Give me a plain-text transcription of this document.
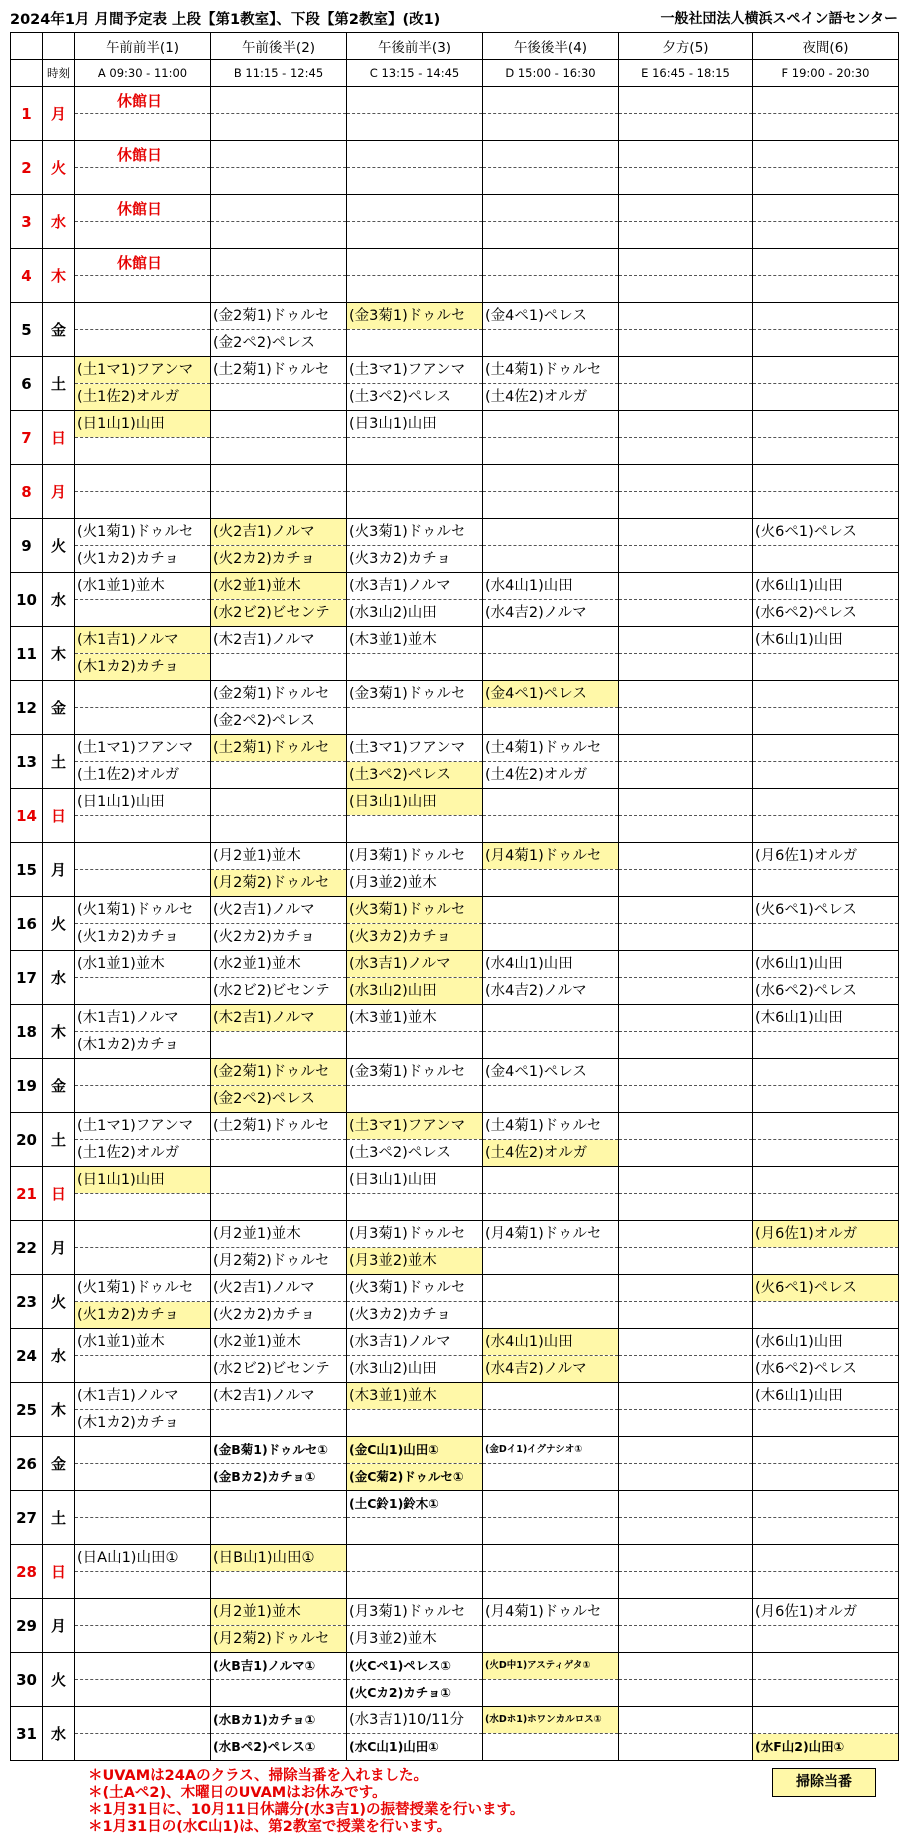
2024年1月 月間予定表 上段【第1教室】、下段【第2教室】(改1)	一般社団法人横浜スペイン語センター
		午前前半(1)	午前後半(2)	午後前半(3)	午後後半(4)	夕方(5)	夜間(6)
	時刻	A 09:30 - 11:00	B 11:15 - 12:45	C 13:15 - 14:45	D 15:00 - 16:30	E 16:45 - 18:15	F 19:00 - 20:30
1	月	休館日					

2	火	休館日					

3	水	休館日					

4	木	休館日					

5	金		(金2菊1)ドゥルセ	(金3菊1)ドゥルセ	(金4ペ1)ペレス		
			(金2ペ2)ペレス				
6	土	(土1マ1)フアンマ	(土2菊1)ドゥルセ	(土3マ1)フアンマ	(土4菊1)ドゥルセ		
		(土1佐2)オルガ		(土3ペ2)ペレス	(土4佐2)オルガ		
7	日	(日1山1)山田		(日3山1)山田			

8	月						

9	火	(火1菊1)ドゥルセ	(火2吉1)ノルマ	(火3菊1)ドゥルセ			(火6ペ1)ペレス
		(火1カ2)カチョ	(火2カ2)カチョ	(火3カ2)カチョ			
10	水	(水1並1)並木	(水2並1)並木	(水3吉1)ノルマ	(水4山1)山田		(水6山1)山田
			(水2ビ2)ビセンテ	(水3山2)山田	(水4吉2)ノルマ		(水6ペ2)ペレス
11	木	(木1吉1)ノルマ	(木2吉1)ノルマ	(木3並1)並木			(木6山1)山田
		(木1カ2)カチョ					
12	金		(金2菊1)ドゥルセ	(金3菊1)ドゥルセ	(金4ペ1)ペレス		
			(金2ペ2)ペレス				
13	土	(土1マ1)フアンマ	(土2菊1)ドゥルセ	(土3マ1)フアンマ	(土4菊1)ドゥルセ		
		(土1佐2)オルガ		(土3ペ2)ペレス	(土4佐2)オルガ		
14	日	(日1山1)山田		(日3山1)山田			

15	月		(月2並1)並木	(月3菊1)ドゥルセ	(月4菊1)ドゥルセ		(月6佐1)オルガ
			(月2菊2)ドゥルセ	(月3並2)並木			
16	火	(火1菊1)ドゥルセ	(火2吉1)ノルマ	(火3菊1)ドゥルセ			(火6ペ1)ペレス
		(火1カ2)カチョ	(火2カ2)カチョ	(火3カ2)カチョ			
17	水	(水1並1)並木	(水2並1)並木	(水3吉1)ノルマ	(水4山1)山田		(水6山1)山田
			(水2ビ2)ビセンテ	(水3山2)山田	(水4吉2)ノルマ		(水6ペ2)ペレス
18	木	(木1吉1)ノルマ	(木2吉1)ノルマ	(木3並1)並木			(木6山1)山田
		(木1カ2)カチョ					
19	金		(金2菊1)ドゥルセ	(金3菊1)ドゥルセ	(金4ペ1)ペレス		
			(金2ペ2)ペレス				
20	土	(土1マ1)フアンマ	(土2菊1)ドゥルセ	(土3マ1)フアンマ	(土4菊1)ドゥルセ		
		(土1佐2)オルガ		(土3ペ2)ペレス	(土4佐2)オルガ		
21	日	(日1山1)山田		(日3山1)山田			

22	月		(月2並1)並木	(月3菊1)ドゥルセ	(月4菊1)ドゥルセ		(月6佐1)オルガ
			(月2菊2)ドゥルセ	(月3並2)並木			
23	火	(火1菊1)ドゥルセ	(火2吉1)ノルマ	(火3菊1)ドゥルセ			(火6ペ1)ペレス
		(火1カ2)カチョ	(火2カ2)カチョ	(火3カ2)カチョ			
24	水	(水1並1)並木	(水2並1)並木	(水3吉1)ノルマ	(水4山1)山田		(水6山1)山田
			(水2ビ2)ビセンテ	(水3山2)山田	(水4吉2)ノルマ		(水6ペ2)ペレス
25	木	(木1吉1)ノルマ	(木2吉1)ノルマ	(木3並1)並木			(木6山1)山田
		(木1カ2)カチョ					
26	金		(金B菊1)ドゥルセ①	(金C山1)山田①	(金Dイ1)イグナシオ①		
			(金Bカ2)カチョ①	(金C菊2)ドゥルセ①			
27	土			(土C鈴1)鈴木①			

28	日	(日A山1)山田①	(日B山1)山田①				

29	月		(月2並1)並木	(月3菊1)ドゥルセ	(月4菊1)ドゥルセ		(月6佐1)オルガ
			(月2菊2)ドゥルセ	(月3並2)並木			
30	火		(火B吉1)ノルマ①	(火Cペ1)ペレス①	(火D中1)アスティゲタ①		
				(火Cカ2)カチョ①			
31	水		(水Bカ1)カチョ①	(水3吉1)10/11分	(水Dホ1)ホワンカルロス①		
			(水Bペ2)ペレス①	(水C山1)山田①			(水F山2)山田①
掃除当番
＊UVAMは24Aのクラス、掃除当番を入れました。
＊(土Aペ2)、木曜日のUVAMはお休みです。
＊1月31日に、10月11日休講分(水3吉1)の振替授業を行います。
＊1月31日の(水C山1)は、第2教室で授業を行います。
